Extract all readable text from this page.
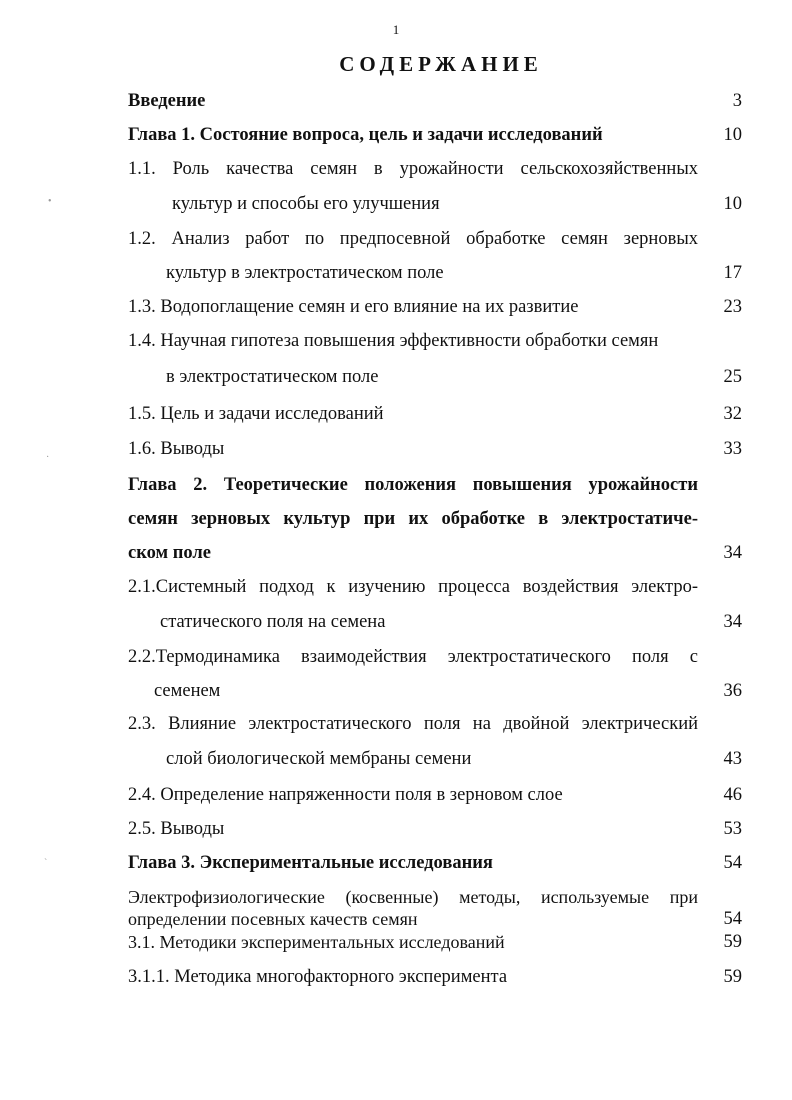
1
СОДЕРЖАНИЕ
Введение	3
Глава 1. Состояние вопроса, цель и задачи исследований	10
1.1. Роль качества семян в урожайности сельскохозяйственных
культур и способы его улучшения	10
1.2. Анализ работ по предпосевной обработке семян зерновых
культур в электростатическом поле	17
1.3. Водопоглащение семян и его влияние на их развитие	23
1.4. Научная гипотеза повышения эффективности обработки семян
в электростатическом поле	25
1.5. Цель и задачи исследований	32
1.6. Выводы	33
Глава 2. Теоретические положения повышения урожайности
семян зерновых культур при их обработке в электростатиче-
ском поле	34
2.1.Системный подход к изучению процесса воздействия электро-
статического поля на семена	34
2.2.Термодинамика взаимодействия электростатического поля с
семенем	36
2.3. Влияние электростатического поля на двойной электрический
слой биологической мембраны семени	43
2.4. Определение напряженности поля в зерновом слое	46
2.5. Выводы	53
Глава 3. Экспериментальные исследования	54
Электрофизиологические (косвенные) методы, используемые при
определении посевных качеств семян	54
3.1. Методики экспериментальных исследований	59
3.1.1. Методика многофакторного эксперимента	59
•
·
`
